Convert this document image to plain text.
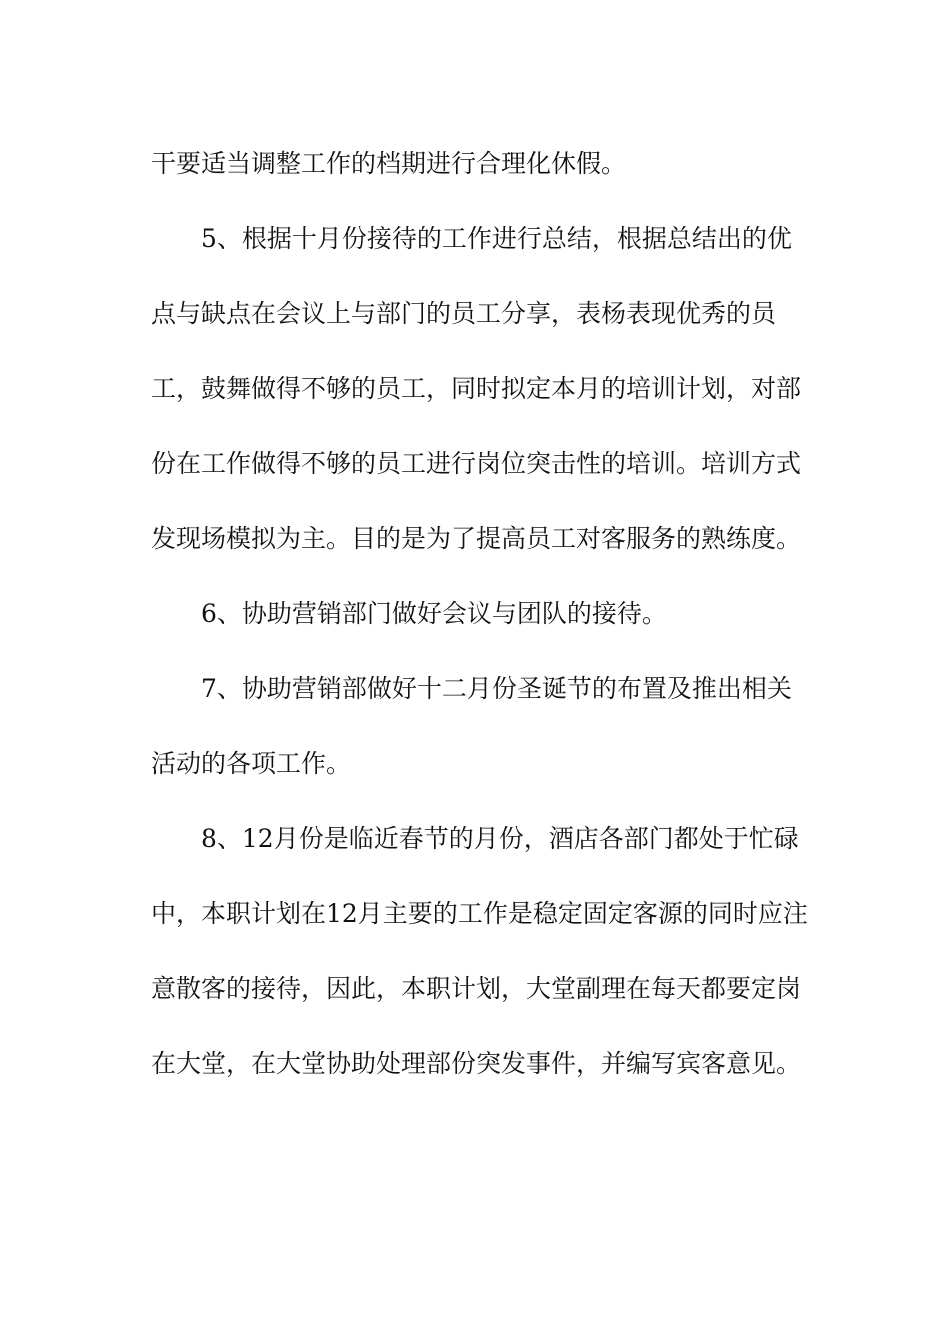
干要适当调整工作的档期进行合理化休假。

5、根据十月份接待的工作进行总结，根据总结出的优点与缺点在会议上与部门的员工分享，表杨表现优秀的员工，鼓舞做得不够的员工，同时拟定本月的培训计划，对部份在工作做得不够的员工进行岗位突击性的培训。培训方式发现场模拟为主。目的是为了提高员工对客服务的熟练度。

6、协助营销部门做好会议与团队的接待。

7、协助营销部做好十二月份圣诞节的布置及推出相关活动的各项工作。

8、12月份是临近春节的月份，酒店各部门都处于忙碌中，本职计划在12月主要的工作是稳定固定客源的同时应注意散客的接待，因此，本职计划，大堂副理在每天都要定岗在大堂，在大堂协助处理部份突发事件，并编写宾客意见。
